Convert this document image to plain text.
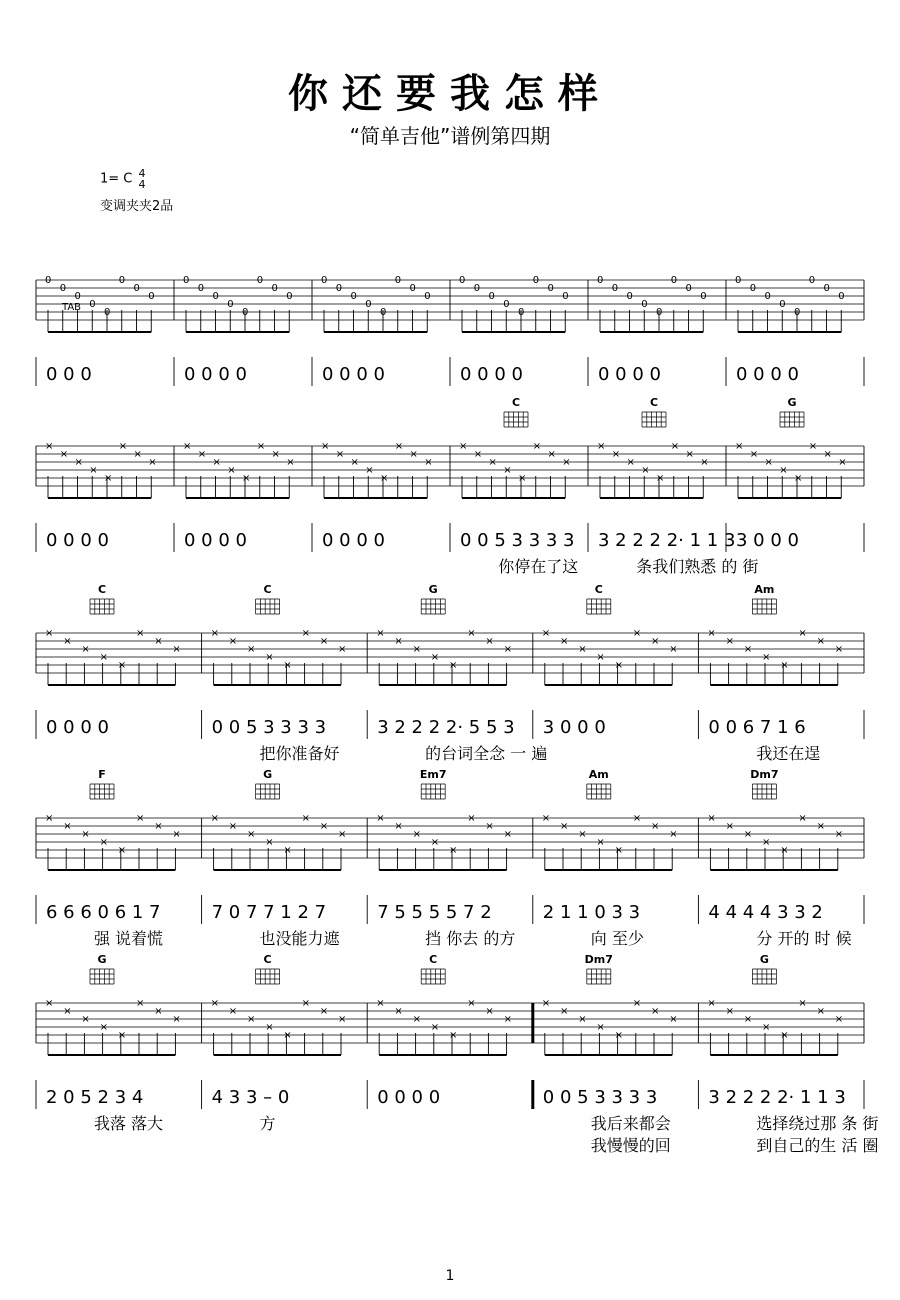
你还要我怎样
“简单吉他”谱例第四期
1= C 4
4
变调夹夹2品
TAB
0
0
0
0
0
0
0
0
0 0 0
0
0
0
0
0
0
0
0
0 0 0 0
0
0
0
0
0
0
0
0
0 0 0 0
0
0
0
0
0
0
0
0
0 0 0 0
0
0
0
0
0
0
0
0
0 0 0 0
0
0
0
0
0
0
0
0
0 0 0 0
×
×
×
×
×
×
×
×
0 0 0 0
×
×
×
×
×
×
×
×
0 0 0 0
×
×
×
×
×
×
×
×
0 0 0 0
×
×
×
×
×
×
×
×
0 0 5 3 3 3 3
你停在了这
×
×
×
×
×
×
×
×
3 2 2 2 2· 1 1 3
条我们熟悉 的 街
×
×
×
×
×
×
×
×
3 0 0 0
C	C	G
×
×
×
×
×
×
×
×
0 0 0 0
×
×
×
×
×
×
×
×
0 0 5 3 3 3 3
把你准备好
×
×
×
×
×
×
×
×
3 2 2 2 2· 5 5 3
的台词全念 一 遍
×
×
×
×
×
×
×
×
3 0 0 0
×
×
×
×
×
×
×
×
0 0 6 7 1 6
我还在逞
C	C	G	C	Am
×
×
×
×
×
×
×
×
6 6 6 0 6 1 7
强 说着慌
×
×
×
×
×
×
×
×
7 0 7 7 1 2 7
也没能力遮
×
×
×
×
×
×
×
×
7 5 5 5 5 7 2
挡 你去 的方
×
×
×
×
×
×
×
×
2 1 1 0 3 3
向 至少
×
×
×
×
×
×
×
×
4 4 4 4 3 3 2
分 开的 时 候
F	G	Em7	Am	Dm7
×
×
×
×
×
×
×
×
2 0 5 2 3 4
我落 落大
×
×
×
×
×
×
×
×
4 3 3 – 0
方
×
×
×
×
×
×
×
×
0 0 0 0
×
×
×
×
×
×
×
×
0 0 5 3 3 3 3
我后来都会
我慢慢的回
×
×
×
×
×
×
×
×
3 2 2 2 2· 1 1 3
选择绕过那 条 街
到自己的生 活 圈
G	C	C	Dm7	G
1
